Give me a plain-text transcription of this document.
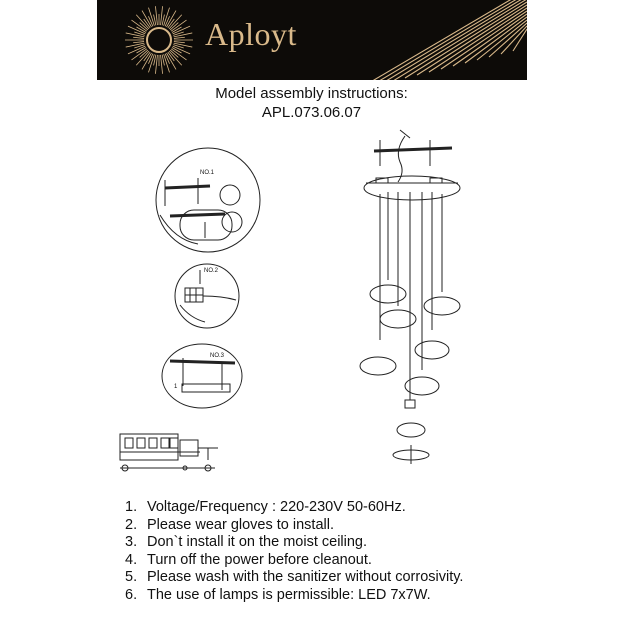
Aployt
Model assembly instructions:
APL.073.06.07
NO.1
NO.2
1
NO.3
1. Voltage/Frequency : 220-230V 50-60Hz.
2. Please wear gloves to install.
3. Don`t install it on the moist ceiling.
4. Turn off the power before cleanout.
5. Please wash with the sanitizer without corrosivity.
6. The use of lamps is permissible: LED 7x7W.
